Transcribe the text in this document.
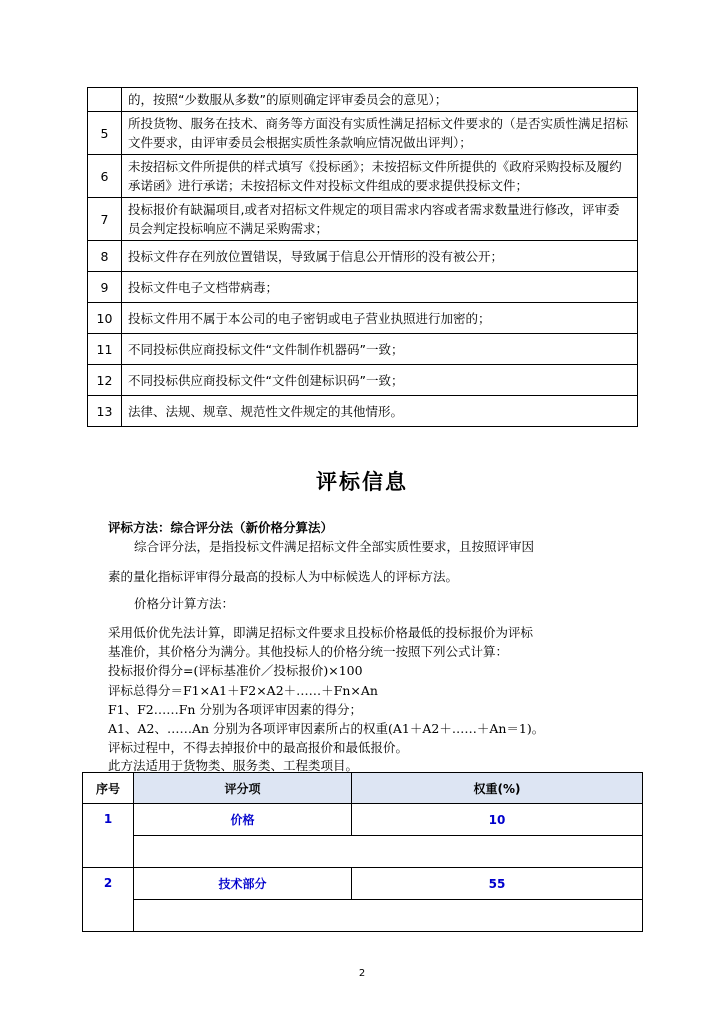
	的，按照“少数服从多数”的原则确定评审委员会的意见）；
5	所投货物、服务在技术、商务等方面没有实质性满足招标文件要求的（是否实质性满足招标文件要求，由评审委员会根据实质性条款响应情况做出评判）；
6	未按招标文件所提供的样式填写《投标函》；未按招标文件所提供的《政府采购投标及履约承诺函》进行承诺；未按招标文件对投标文件组成的要求提供投标文件；
7	投标报价有缺漏项目,或者对招标文件规定的项目需求内容或者需求数量进行修改，评审委员会判定投标响应不满足采购需求；
8	投标文件存在列放位置错误，导致属于信息公开情形的没有被公开；
9	投标文件电子文档带病毒；
10	投标文件用不属于本公司的电子密钥或电子营业执照进行加密的；
11	不同投标供应商投标文件“文件制作机器码”一致；
12	不同投标供应商投标文件“文件创建标识码”一致；
13	法律、法规、规章、规范性文件规定的其他情形。
评标信息
评标方法：综合评分法（新价格分算法）
综合评分法，是指投标文件满足招标文件全部实质性要求，且按照评审因
素的量化指标评审得分最高的投标人为中标候选人的评标方法。
价格分计算方法：
采用低价优先法计算，即满足招标文件要求且投标价格最低的投标报价为评标
基准价，其价格分为满分。其他投标人的价格分统一按照下列公式计算：
投标报价得分=(评标基准价／投标报价)×100
评标总得分＝F1×A1＋F2×A2＋……＋Fn×An
F1、F2……Fn 分别为各项评审因素的得分；
A1、A2、……An 分别为各项评审因素所占的权重(A1＋A2＋……＋An＝1)。
评标过程中，不得去掉报价中的最高报价和最低报价。
此方法适用于货物类、服务类、工程类项目。
序号	评分项	权重(%)
1	价格	10

2	技术部分	55

2
